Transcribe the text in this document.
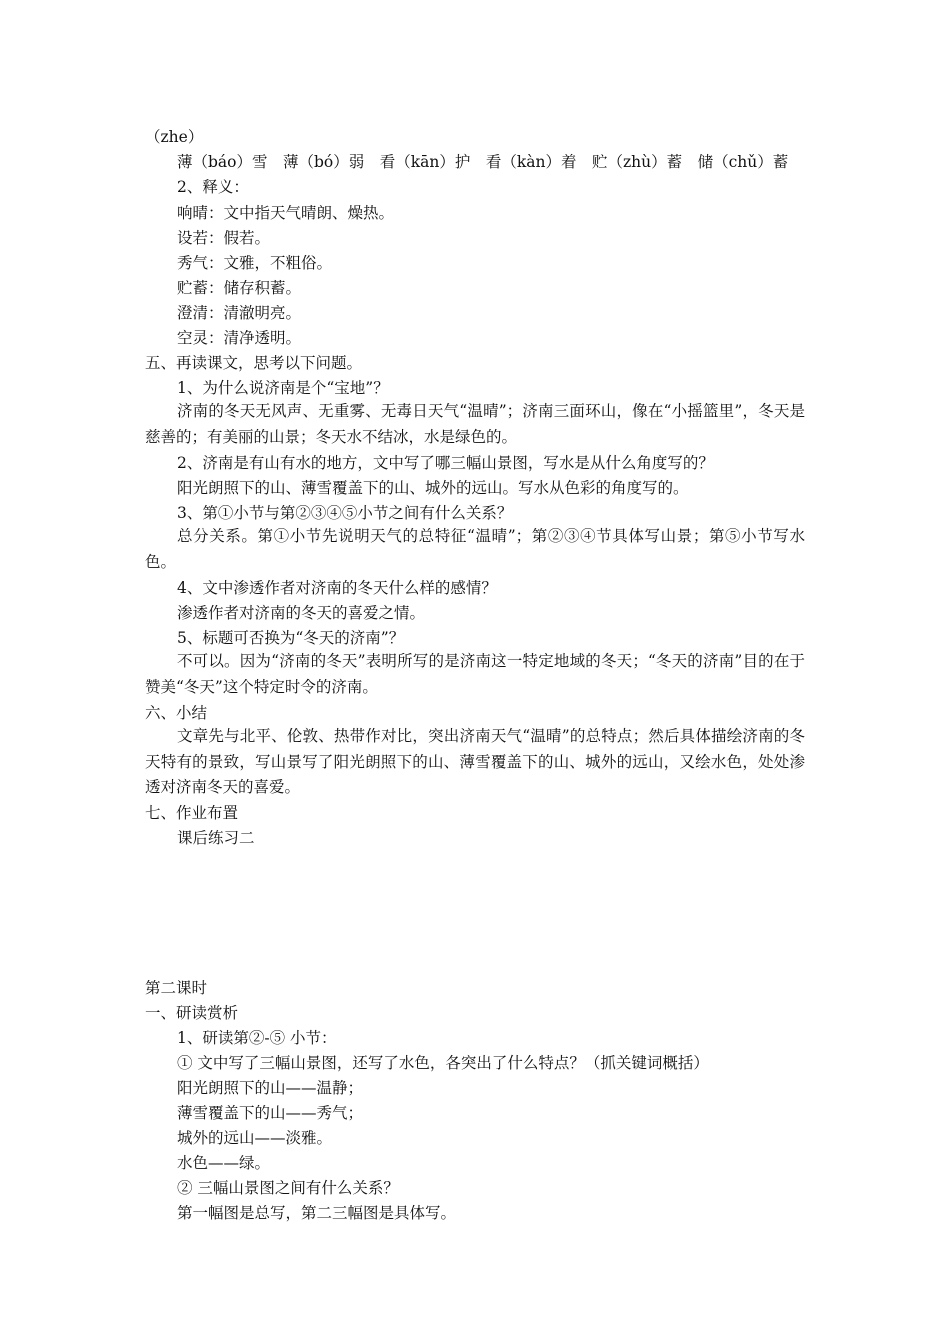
（zhe）
薄（báo）雪　薄（bó）弱　看（kān）护　看（kàn）着　贮（zhù）蓄　储（chǔ）蓄
2、释义：
响晴：文中指天气晴朗、燥热。
设若：假若。
秀气：文雅，不粗俗。
贮蓄：储存积蓄。
澄清：清澈明亮。
空灵：清净透明。
五、再读课文，思考以下问题。
1、为什么说济南是个“宝地”？
济南的冬天无风声、无重雾、无毒日天气“温晴”；济南三面环山，像在“小摇篮里”，冬天是慈善的；有美丽的山景；冬天水不结冰，水是绿色的。
2、济南是有山有水的地方，文中写了哪三幅山景图，写水是从什么角度写的？
阳光朗照下的山、薄雪覆盖下的山、城外的远山。写水从色彩的角度写的。
3、第①小节与第②③④⑤小节之间有什么关系？
总分关系。第①小节先说明天气的总特征“温晴”；第②③④节具体写山景；第⑤小节写水色。
4、文中渗透作者对济南的冬天什么样的感情？
渗透作者对济南的冬天的喜爱之情。
5、标题可否换为“冬天的济南”？
不可以。因为“济南的冬天”表明所写的是济南这一特定地域的冬天；“冬天的济南”目的在于赞美“冬天”这个特定时令的济南。
六、小结
文章先与北平、伦敦、热带作对比，突出济南天气“温晴”的总特点；然后具体描绘济南的冬天特有的景致，写山景写了阳光朗照下的山、薄雪覆盖下的山、城外的远山，又绘水色，处处渗透对济南冬天的喜爱。
七、作业布置
课后练习二
第二课时
一、研读赏析
1、研读第②-⑤ 小节：
① 文中写了三幅山景图，还写了水色，各突出了什么特点？（抓关键词概括）
阳光朗照下的山——温静；
薄雪覆盖下的山——秀气；
城外的远山——淡雅。
水色——绿。
② 三幅山景图之间有什么关系？
第一幅图是总写，第二三幅图是具体写。
